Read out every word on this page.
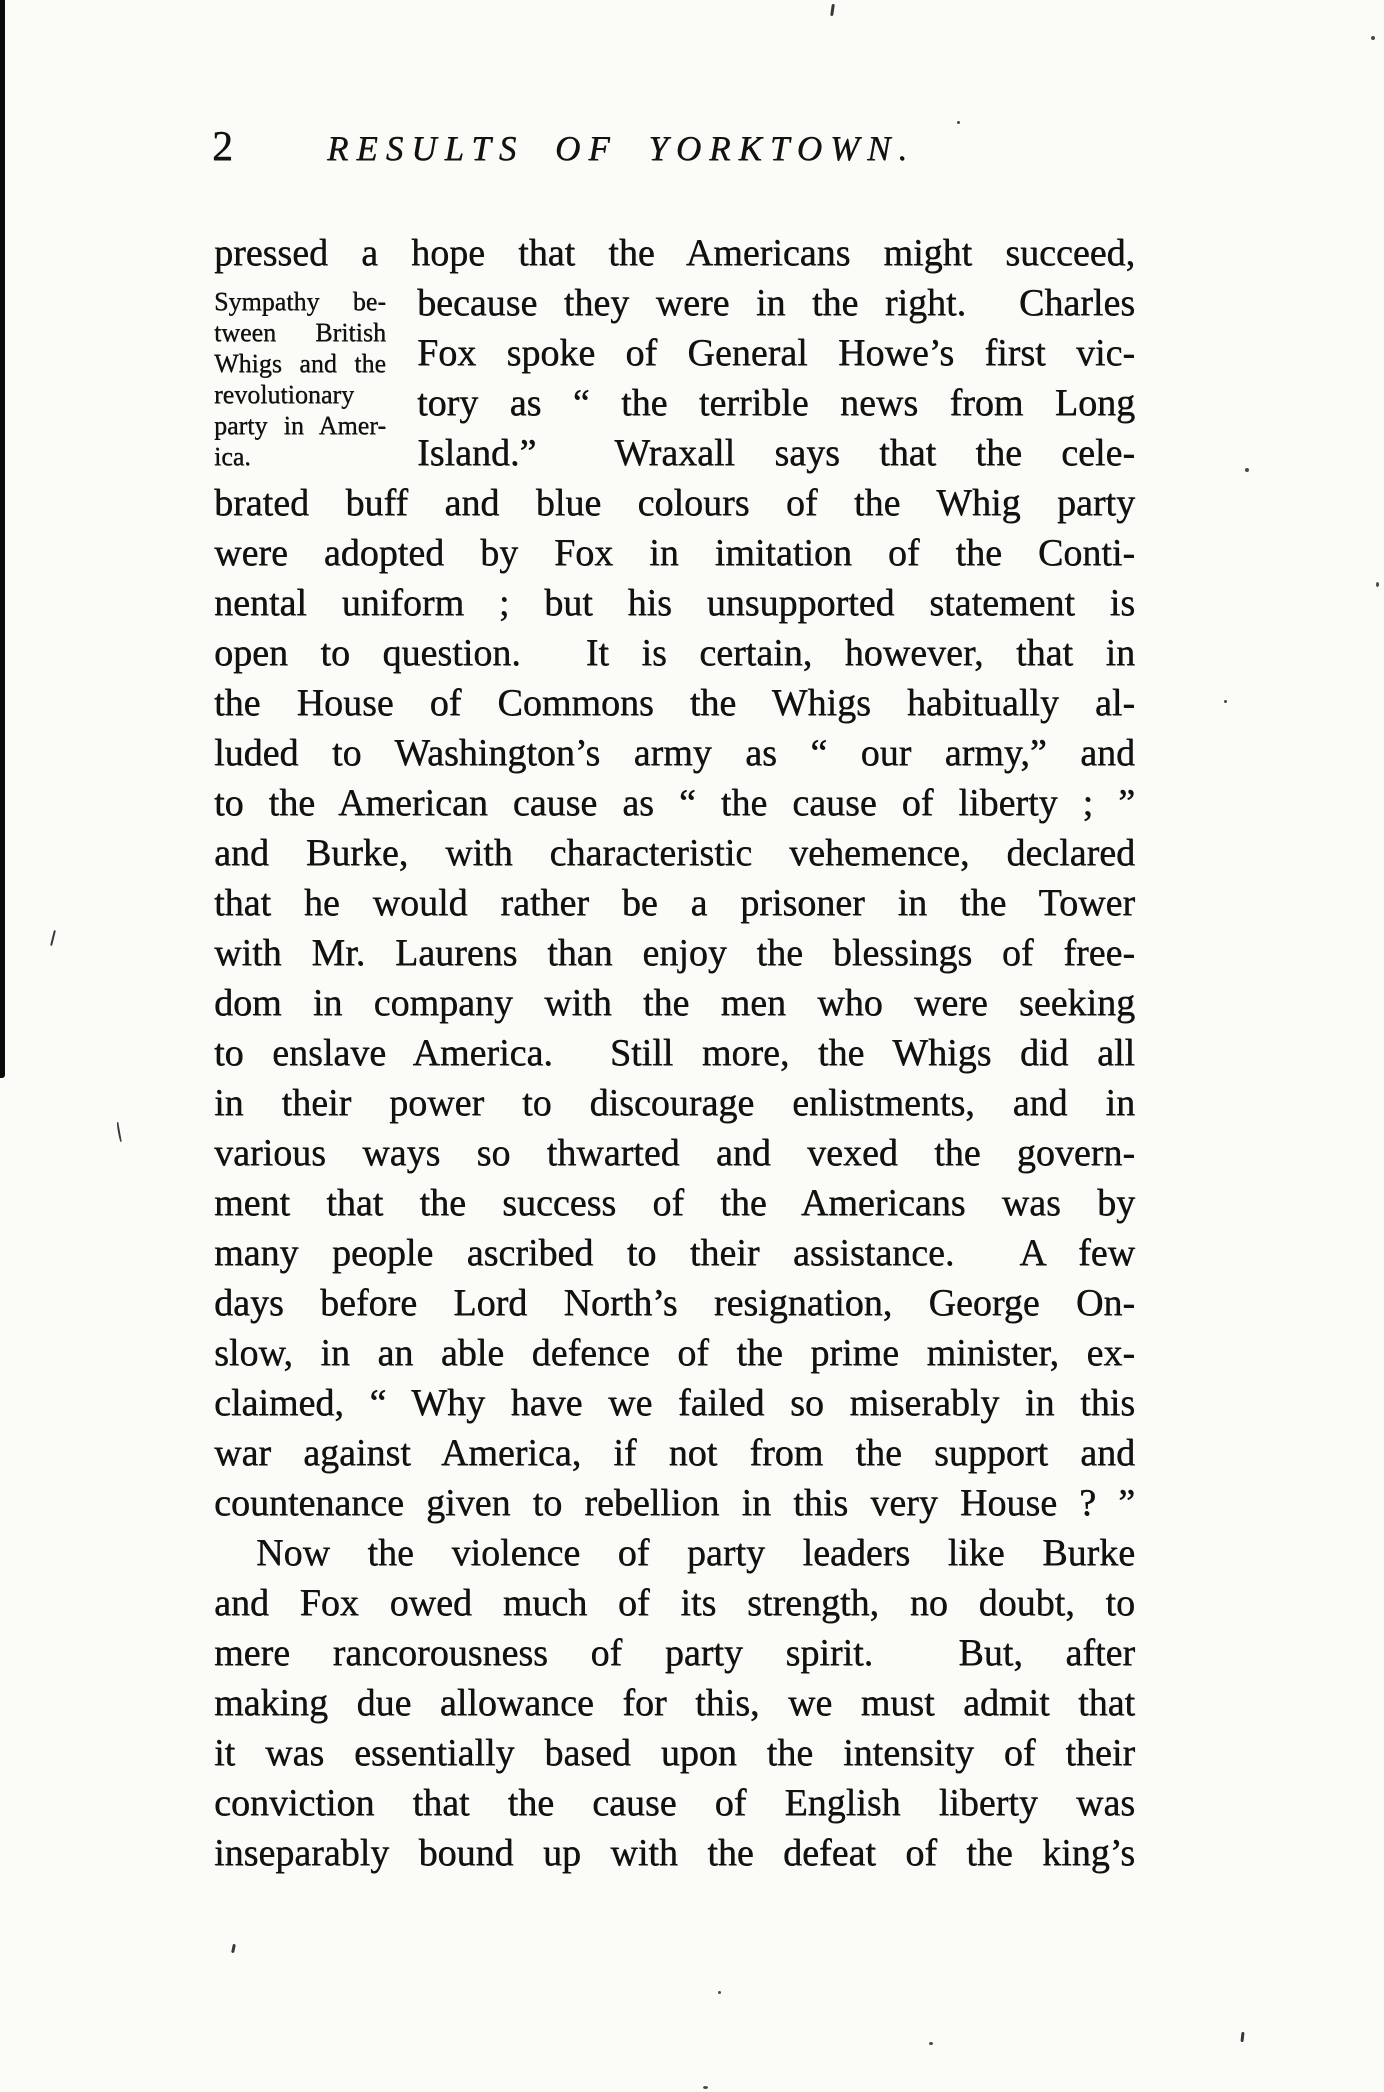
2	RESULTS OF YORKTOWN.
pressed a hope that the Americans might succeed,
Sympathy be-
tween British
Whigs and the
revolutionary
party in Amer-
ica.
because they were in the right.  Charles
Fox spoke of General Howe’s first vic-
tory as “ the terrible news from Long
Island.”  Wraxall says that the cele-
brated buff and blue colours of the Whig party
were adopted by Fox in imitation of the Conti-
nental uniform ; but his unsupported statement is
open to question.  It is certain, however, that in
the House of Commons the Whigs habitually al-
luded to Washington’s army as “ our army,” and
to the American cause as “ the cause of liberty ; ”
and Burke, with characteristic vehemence, declared
that he would rather be a prisoner in the Tower
with Mr. Laurens than enjoy the blessings of free-
dom in company with the men who were seeking
to enslave America.  Still more, the Whigs did all
in their power to discourage enlistments, and in
various ways so thwarted and vexed the govern-
ment that the success of the Americans was by
many people ascribed to their assistance.  A few
days before Lord North’s resignation, George On-
slow, in an able defence of the prime minister, ex-
claimed, “ Why have we failed so miserably in this
war against America, if not from the support and
countenance given to rebellion in this very House ? ”
Now the violence of party leaders like Burke
and Fox owed much of its strength, no doubt, to
mere rancorousness of party spirit.  But, after
making due allowance for this, we must admit that
it was essentially based upon the intensity of their
conviction that the cause of English liberty was
inseparably bound up with the defeat of the king’s
